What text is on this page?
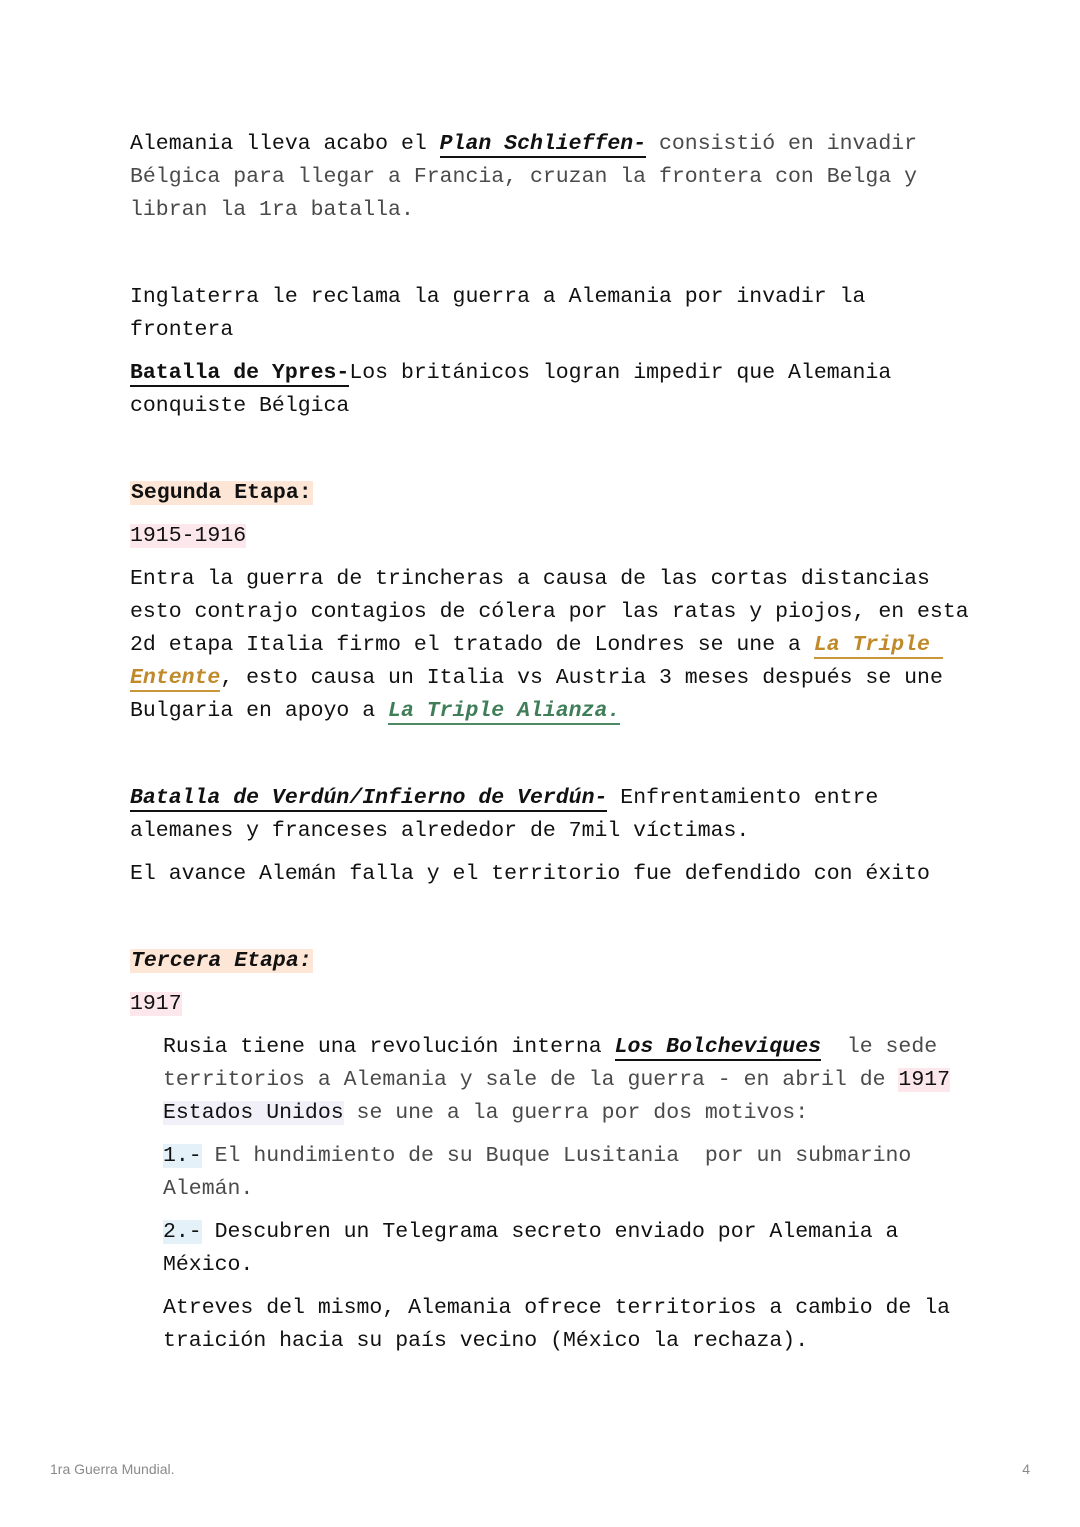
Alemania lleva acabo el Plan Schlieffen- consistió en invadir Bélgica para llegar a Francia, cruzan la frontera con Belga y libran la 1ra batalla.

Inglaterra le reclama la guerra a Alemania por invadir la frontera

Batalla de Ypres-Los británicos logran impedir que Alemania conquiste Bélgica

Segunda Etapa:

1915-1916

Entra la guerra de trincheras a causa de las cortas distancias esto contrajo contagios de cólera por las ratas y piojos, en esta 2d etapa Italia firmo el tratado de Londres se une a La Triple Entente, esto causa un Italia vs Austria 3 meses después se une Bulgaria en apoyo a La Triple Alianza.

Batalla de Verdún/Infierno de Verdún- Enfrentamiento entre alemanes y franceses alrededor de 7mil víctimas.

El avance Alemán falla y el territorio fue defendido con éxito

Tercera Etapa:

1917

Rusia tiene una revolución interna Los Bolcheviques  le sede territorios a Alemania y sale de la guerra - en abril de 1917 Estados Unidos se une a la guerra por dos motivos:

1.- El hundimiento de su Buque Lusitania  por un submarino Alemán.

2.- Descubren un Telegrama secreto enviado por Alemania a México.

Atreves del mismo, Alemania ofrece territorios a cambio de la traición hacia su país vecino (México la rechaza).

1ra Guerra Mundial.	4
